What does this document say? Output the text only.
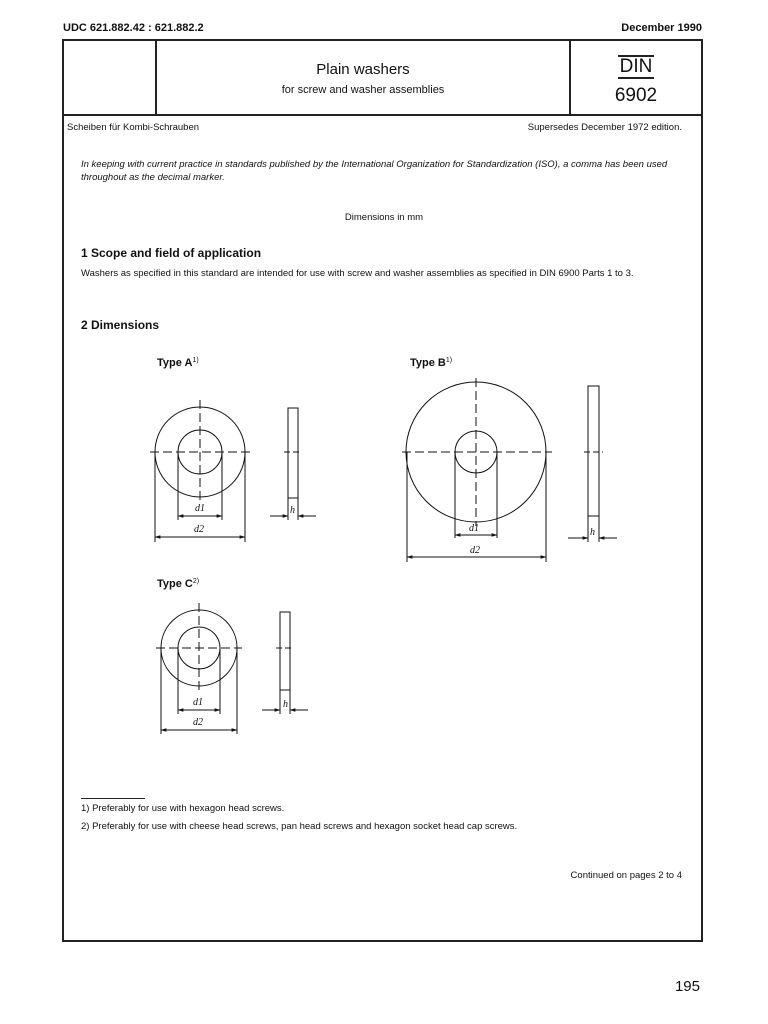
UDC 621.882.42 : 621.882.2	December 1990
Plain washers
for screw and washer assemblies
DIN
6902
Scheiben für Kombi-Schrauben	Supersedes December 1972 edition.
In keeping with current practice in standards published by the International Organization for Standardization (ISO), a comma has been used throughout as the decimal marker.
Dimensions in mm
1 Scope and field of application
Washers as specified in this standard are intended for use with screw and washer assemblies as specified in DIN 6900 Parts 1 to 3.
2 Dimensions
Type $A^{1)}$	Type $B^{1)}$
Type $C^{2)}$
d1
d2
h
d1
d2
h
d1
d2
h
1) Preferably for use with hexagon head screws.
2) Preferably for use with cheese head screws, pan head screws and hexagon socket head cap screws.
Continued on pages 2 to 4
195
